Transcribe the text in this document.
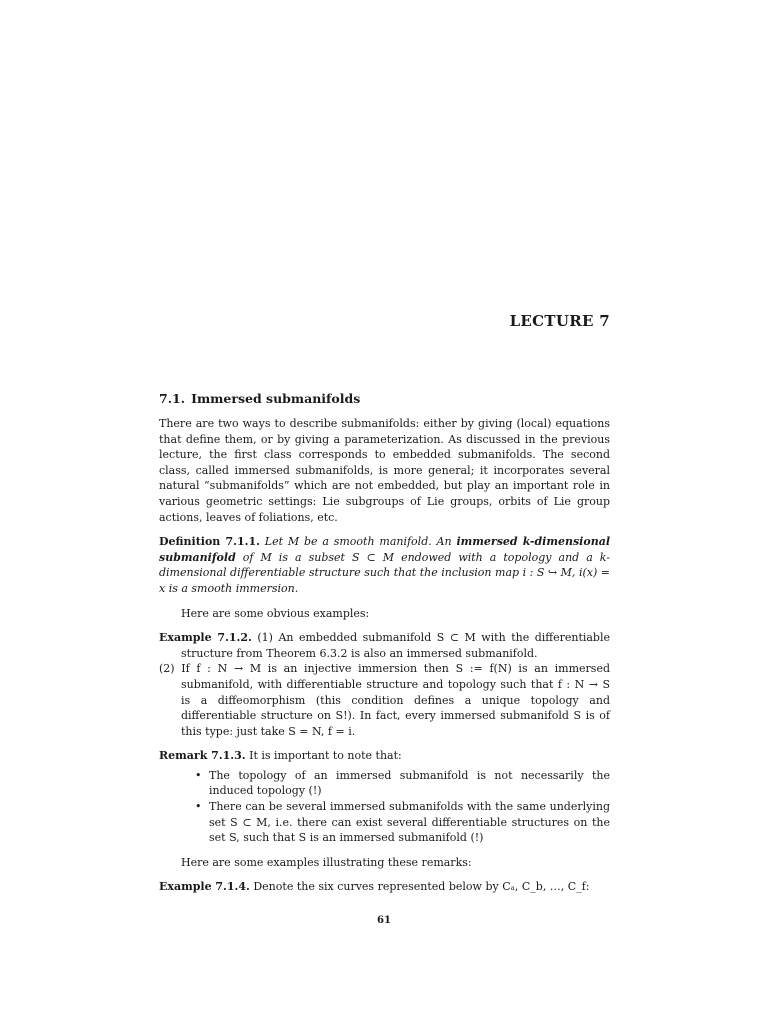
LECTURE 7
7.1. Immersed submanifolds

There are two ways to describe submanifolds: either by giving (local) equations that define them, or by giving a parameterization. As discussed in the previous lecture, the first class corresponds to embedded submanifolds. The second class, called immersed submanifolds, is more general; it incorporates several natural “submanifolds” which are not embedded, but play an important role in various geometric settings: Lie subgroups of Lie groups, orbits of Lie group actions, leaves of foliations, etc.

Definition 7.1.1. Let M be a smooth manifold. An immersed k-dimensional submanifold of M is a subset S ⊂ M endowed with a topology and a k-dimensional differentiable structure such that the inclusion map i : S ↪ M, i(x) = x is a smooth immersion.

Here are some obvious examples:

Example 7.1.2. (1) An embedded submanifold S ⊂ M with the differentiable structure from Theorem 6.3.2 is also an immersed submanifold.

(2) If f : N → M is an injective immersion then S := f(N) is an immersed submanifold, with differentiable structure and topology such that f : N → S is a diffeomorphism (this condition defines a unique topology and differentiable structure on S!). In fact, every immersed submanifold S is of this type: just take S = N, f = i.

Remark 7.1.3. It is important to note that:

• The topology of an immersed submanifold is not necessarily the induced topology (!)
• There can be several immersed submanifolds with the same underlying set S ⊂ M, i.e. there can exist several differentiable structures on the set S, such that S is an immersed submanifold (!)

Here are some examples illustrating these remarks:

Example 7.1.4. Denote the six curves represented below by Cₐ, C_b, …, C_f:

61
